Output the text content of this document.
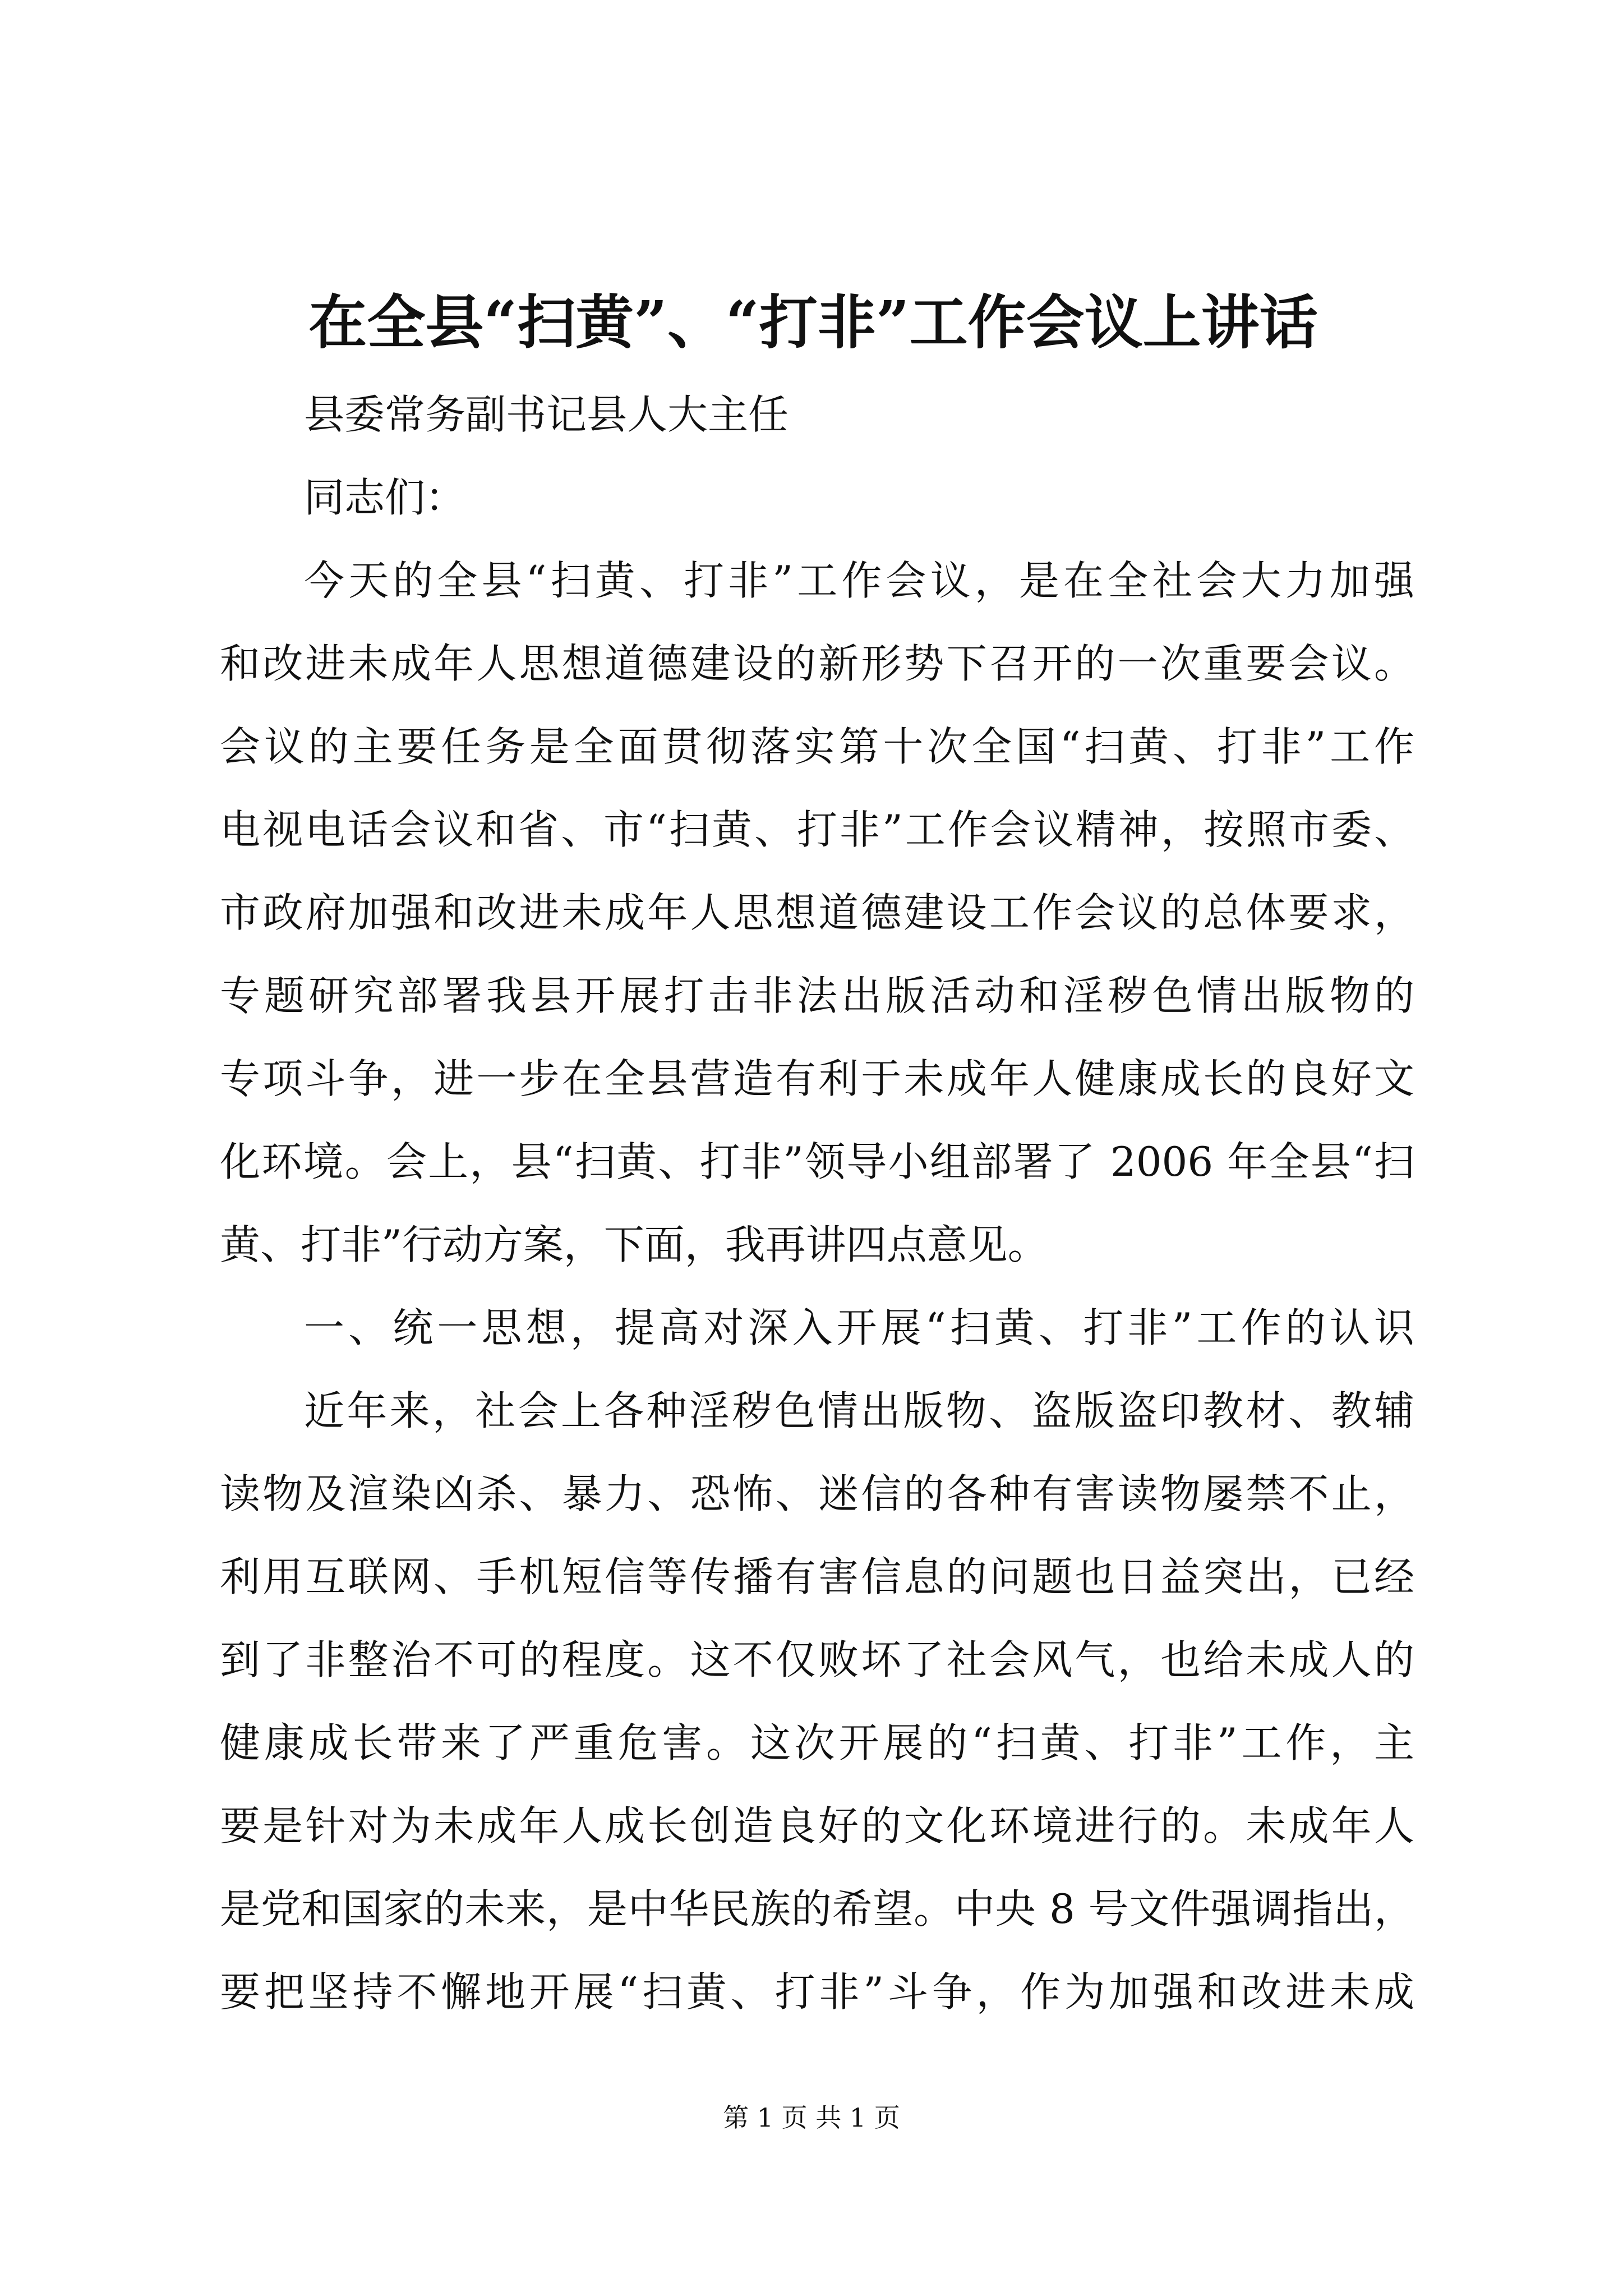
在全县“扫黄”、“打非”工作会议上讲话
县委常务副书记县人大主任
同志们：
今天的全县“扫黄、打非”工作会议，是在全社会大力加强
和改进未成年人思想道德建设的新形势下召开的一次重要会议。
会议的主要任务是全面贯彻落实第十次全国“扫黄、打非”工作
电视电话会议和省、市“扫黄、打非”工作会议精神，按照市委、
市政府加强和改进未成年人思想道德建设工作会议的总体要求，
专题研究部署我县开展打击非法出版活动和淫秽色情出版物的
专项斗争，进一步在全县营造有利于未成年人健康成长的良好文
化环境。会上，县“扫黄、打非”领导小组部署了 2006 年全县“扫
黄、打非”行动方案，下面，我再讲四点意见。
一、统一思想，提高对深入开展“扫黄、打非”工作的认识
近年来，社会上各种淫秽色情出版物、盗版盗印教材、教辅
读物及渲染凶杀、暴力、恐怖、迷信的各种有害读物屡禁不止，
利用互联网、手机短信等传播有害信息的问题也日益突出，已经
到了非整治不可的程度。这不仅败坏了社会风气，也给未成人的
健康成长带来了严重危害。这次开展的“扫黄、打非”工作，主
要是针对为未成年人成长创造良好的文化环境进行的。未成年人
是党和国家的未来，是中华民族的希望。中央 8 号文件强调指出，
要把坚持不懈地开展“扫黄、打非”斗争，作为加强和改进未成
第 1 页 共 1 页
